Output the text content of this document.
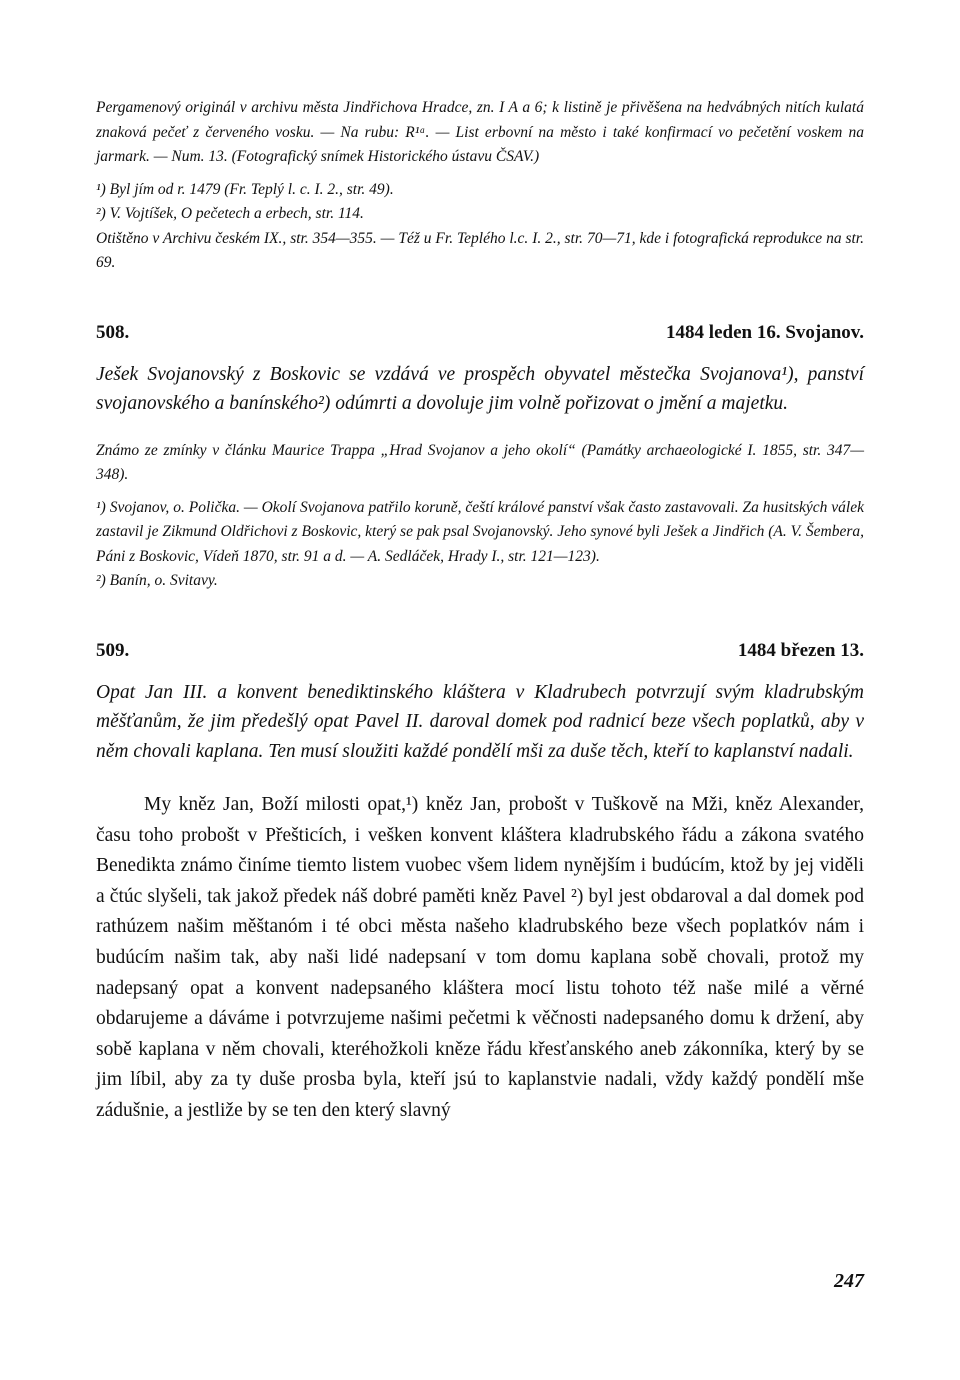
Pergamenový originál v archivu města Jindřichova Hradce, zn. I A a 6; k listině je přivěšena na hedvábných nitích kulatá znaková pečeť z červeného vosku. — Na rubu: R¹ᵃ. — List erbovní na město i také konfirmací vo pečetění voskem na jarmark. — Num. 13. (Fotografický snímek Historického ústavu ČSAV.)

¹) Byl jím od r. 1479 (Fr. Teplý l. c. I. 2., str. 49).

²) V. Vojtíšek, O pečetech a erbech, str. 114.

Otištěno v Archivu českém IX., str. 354—355. — Též u Fr. Teplého l.c. I. 2., str. 70—71, kde i fotografická reprodukce na str. 69.

508.	1484 leden 16. Svojanov.

Ješek Svojanovský z Boskovic se vzdává ve prospěch obyvatel městečka Svojanova¹), panství svojanovského a banínského²) odúmrti a dovoluje jim volně pořizovat o jmění a majetku.

Známo ze zmínky v článku Maurice Trappa „Hrad Svojanov a jeho okolí“ (Památky archaeologické I. 1855, str. 347—348).

¹) Svojanov, o. Polička. — Okolí Svojanova patřilo koruně, čeští králové panství však často zastavovali. Za husitských válek zastavil je Zikmund Oldřichovi z Boskovic, který se pak psal Svojanovský. Jeho synové byli Ješek a Jindřich (A. V. Šembera, Páni z Boskovic, Vídeň 1870, str. 91 a d. — A. Sedláček, Hrady I., str. 121—123).

²) Banín, o. Svitavy.

509.	1484 březen 13.

Opat Jan III. a konvent benediktinského kláštera v Kladrubech potvrzují svým kladrubským měšťanům, že jim předešlý opat Pavel II. daroval domek pod radnicí beze všech poplatků, aby v něm chovali kaplana. Ten musí sloužiti každé pondělí mši za duše těch, kteří to kaplanství nadali.

My kněz Jan, Boží milosti opat,¹) kněz Jan, probošt v Tuškově na Mži, kněz Alexander, času toho probošt v Přešticích, i vešken konvent kláštera kladrubského řádu a zákona svatého Benedikta známo činíme tiemto listem vuobec všem lidem nynějším i budúcím, ktož by jej viděli a čtúc slyšeli, tak jakož předek náš dobré paměti kněz Pavel ²) byl jest obdaroval a dal domek pod rathúzem našim měštanóm i té obci města našeho kladrubského beze všech poplatkóv nám i budúcím našim tak, aby naši lidé nadepsaní v tom domu kaplana sobě chovali, protož my nadepsaný opat a konvent nadepsaného kláštera mocí listu tohoto též naše milé a věrné obdarujeme a dáváme i potvrzujeme našimi pečetmi k věčnosti nadepsaného domu k držení, aby sobě kaplana v něm chovali, kteréhožkoli kněze řádu křesťanského aneb zákonníka, který by se jim líbil, aby za ty duše prosba byla, kteří jsú to kaplanstvie nadali, vždy každý pondělí mše zádušnie, a jestliže by se ten den který slavný

247
